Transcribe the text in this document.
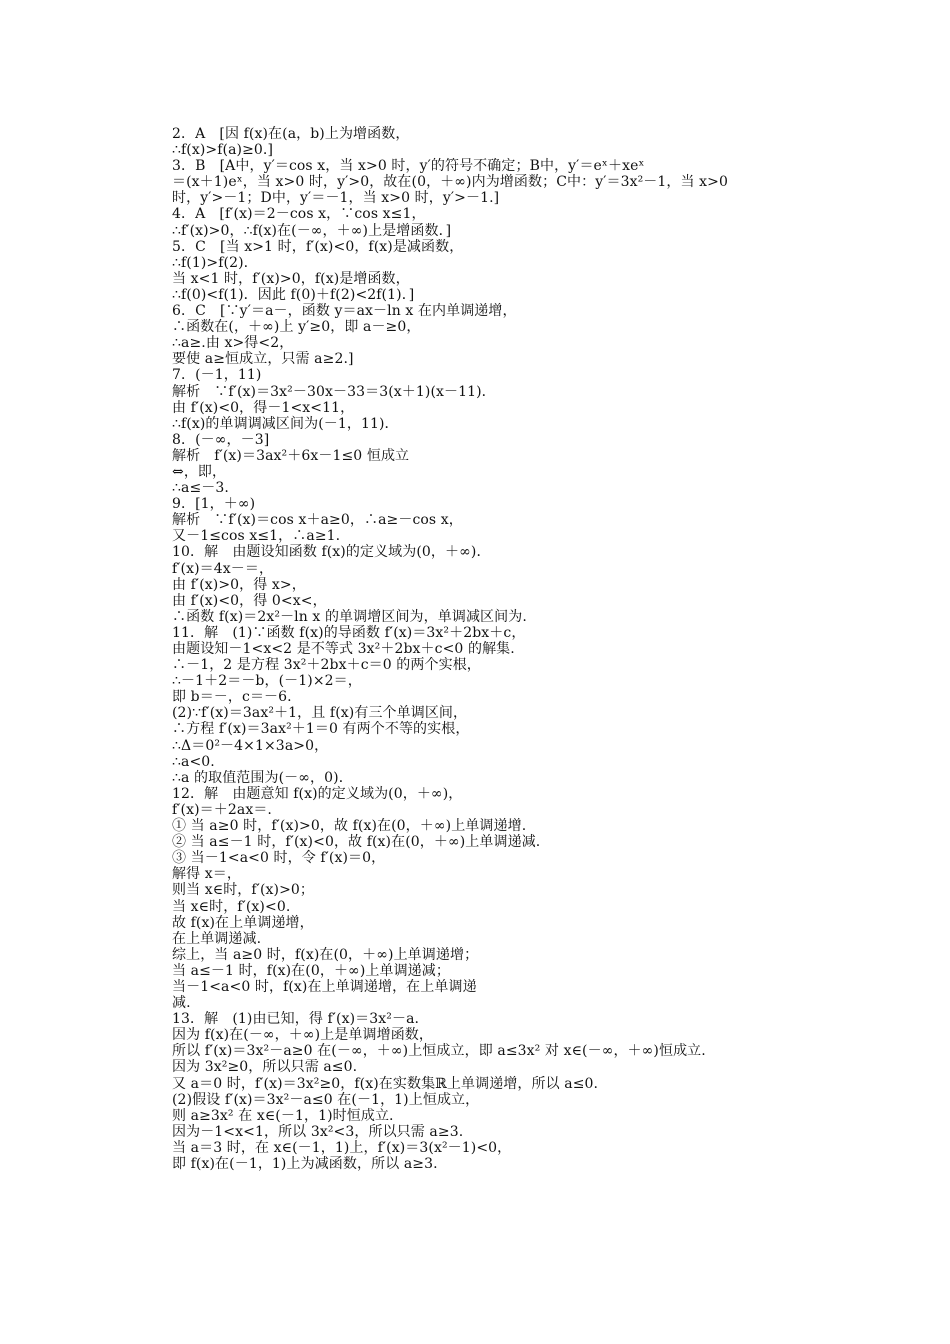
2．A　[因 f(x)在(a，b)上为增函数，
∴f(x)>f(a)≥0.]
3．B　[A中，y′＝cos x，当 x>0 时，y′的符号不确定；B中，y′＝eˣ＋xeˣ
＝(x＋1)eˣ，当 x>0 时，y′>0，故在(0，＋∞)内为增函数；C中：y′＝3x²－1，当 x>0
时，y′>－1；D中，y′＝－1，当 x>0 时，y′>－1.]
4．A　[f′(x)＝2－cos x，∵cos x≤1，
∴f′(x)>0，∴f(x)在(－∞，＋∞)上是增函数．]
5．C　[当 x>1 时，f′(x)<0，f(x)是减函数，
∴f(1)>f(2).
当 x<1 时，f′(x)>0，f(x)是增函数，
∴f(0)<f(1)．因此 f(0)＋f(2)<2f(1)．]
6．C　[∵y′＝a－，函数 y＝ax－ln x 在内单调递增，
∴函数在(，＋∞)上 y′≥0，即 a－≥0，
∴a≥.由 x>得<2，
要使 a≥恒成立，只需 a≥2.]
7．(－1，11)
解析　∵f′(x)＝3x²－30x－33＝3(x＋1)(x－11)．
由 f′(x)<0，得－1<x<11，
∴f(x)的单调调减区间为(－1，11)．
8．(－∞，－3]
解析　f′(x)＝3ax²＋6x－1≤0 恒成立
⇔，即，
∴a≤－3.
9．[1，＋∞)
解析　∵f′(x)＝cos x＋a≥0，∴a≥－cos x，
又－1≤cos x≤1，∴a≥1.
10．解　由题设知函数 f(x)的定义域为(0，＋∞)．
f′(x)＝4x－＝，
由 f′(x)>0，得 x>，
由 f′(x)<0，得 0<x<，
∴函数 f(x)＝2x²－ln x 的单调增区间为，单调减区间为.
11．解　(1)∵函数 f(x)的导函数 f′(x)＝3x²＋2bx＋c，
由题设知－1<x<2 是不等式 3x²＋2bx＋c<0 的解集.
∴－1，2 是方程 3x²＋2bx＋c＝0 的两个实根，
∴－1＋2＝－b，(－1)×2＝，
即 b＝－，c＝－6.
(2)∵f′(x)＝3ax²＋1，且 f(x)有三个单调区间，
∴方程 f′(x)＝3ax²＋1＝0 有两个不等的实根，
∴Δ＝0²－4×1×3a>0，
∴a<0.
∴a 的取值范围为(－∞，0)．
12．解　由题意知 f(x)的定义域为(0，＋∞)，
f′(x)＝＋2ax＝.
① 当 a≥0 时，f′(x)>0，故 f(x)在(0，＋∞)上单调递增.
② 当 a≤－1 时，f′(x)<0，故 f(x)在(0，＋∞)上单调递减.
③ 当－1<a<0 时，令 f′(x)＝0，
解得 x＝，
则当 x∈时，f′(x)>0；
当 x∈时，f′(x)<0.
故 f(x)在上单调递增，
在上单调递减.
综上，当 a≥0 时，f(x)在(0，＋∞)上单调递增；
当 a≤－1 时，f(x)在(0，＋∞)上单调递减；
当－1<a<0 时，f(x)在上单调递增，在上单调递
减.
13．解　(1)由已知，得 f′(x)＝3x²－a.
因为 f(x)在(－∞，＋∞)上是单调增函数，
所以 f′(x)＝3x²－a≥0 在(－∞，＋∞)上恒成立，即 a≤3x² 对 x∈(－∞，＋∞)恒成立.
因为 3x²≥0，所以只需 a≤0.
又 a＝0 时，f′(x)＝3x²≥0，f(x)在实数集ℝ上单调递增，所以 a≤0.
(2)假设 f′(x)＝3x²－a≤0 在(－1，1)上恒成立，
则 a≥3x² 在 x∈(－1，1)时恒成立.
因为－1<x<1，所以 3x²<3，所以只需 a≥3.
当 a＝3 时，在 x∈(－1，1)上，f′(x)＝3(x²－1)<0，
即 f(x)在(－1，1)上为减函数，所以 a≥3.
